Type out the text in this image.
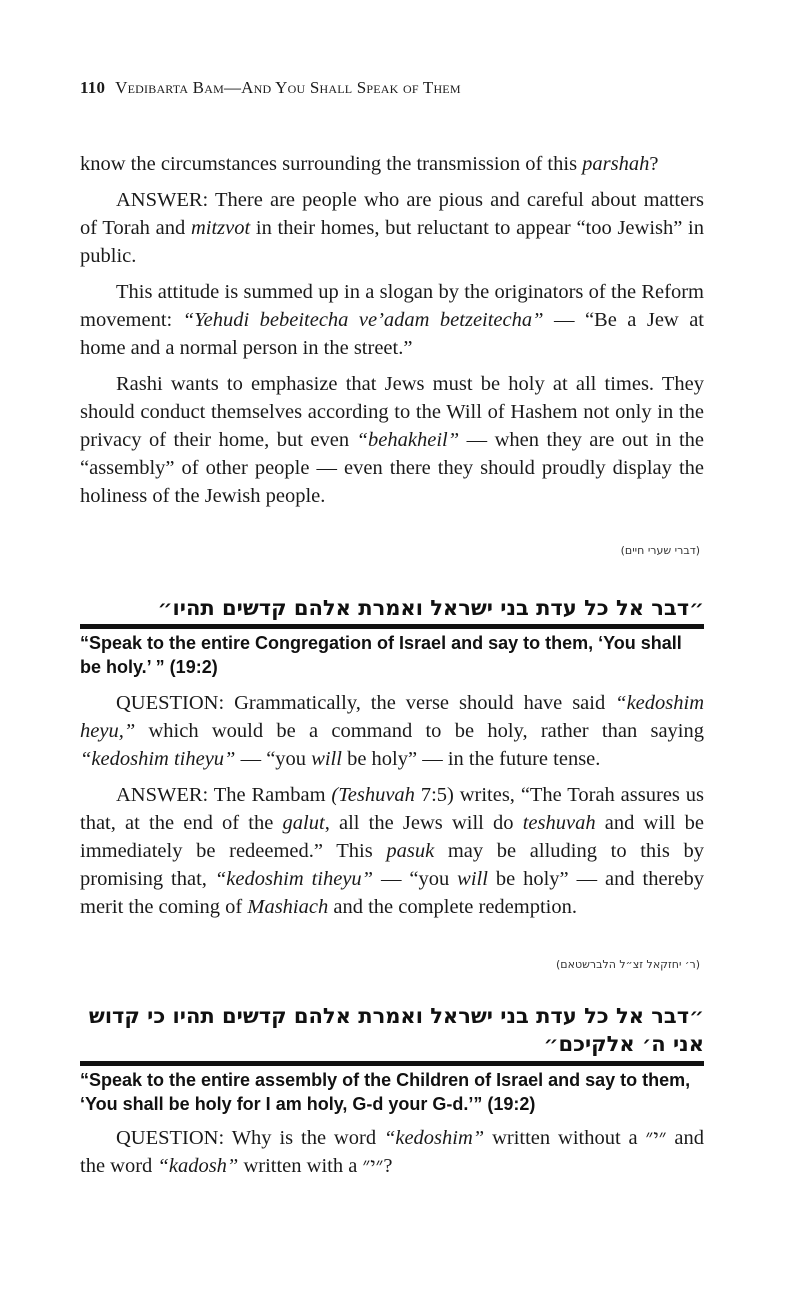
110 Vedibarta Bam—And You Shall Speak of Them

know the circumstances surrounding the transmission of this parshah?

ANSWER: There are people who are pious and careful about matters of Torah and mitzvot in their homes, but reluctant to appear “too Jewish” in public.

This attitude is summed up in a slogan by the originators of the Reform movement: “Yehudi bebeitecha ve’adam betzeitecha” — “Be a Jew at home and a normal person in the street.”

Rashi wants to emphasize that Jews must be holy at all times. They should conduct themselves according to the Will of Hashem not only in the privacy of their home, but even “behakheil” — when they are out in the “assembly” of other people — even there they should proudly display the holiness of the Jewish people.

(דברי שערי חיים)

״דבר אל כל עדת בני ישראל ואמרת אלהם קדשים תהיו״

“Speak to the entire Congregation of Israel and say to them, ‘You shall be holy.’ ” (19:2)

QUESTION: Grammatically, the verse should have said “kedoshim heyu,” which would be a command to be holy, rather than saying “kedoshim tiheyu” — “you will be holy” — in the future tense.

ANSWER: The Rambam (Teshuvah 7:5) writes, “The Torah assures us that, at the end of the galut, all the Jews will do teshuvah and will be immediately be redeemed.” This pasuk may be alluding to this by promising that, “kedoshim tiheyu” — “you will be holy” — and thereby merit the coming of Mashiach and the complete redemption.

(ר׳ יחזקאל זצ״ל הלברשטאם)

״דבר אל כל עדת בני ישראל ואמרת אלהם קדשים תהיו כי קדוש

אני ה׳ אלקיכם״

“Speak to the entire assembly of the Children of Israel and say to them, ‘You shall be holy for I am holy, G-d your G-d.’” (19:2)

QUESTION: Why is the word “kedoshim” written without a ״י״ and the word “kadosh” written with a ״י״?
